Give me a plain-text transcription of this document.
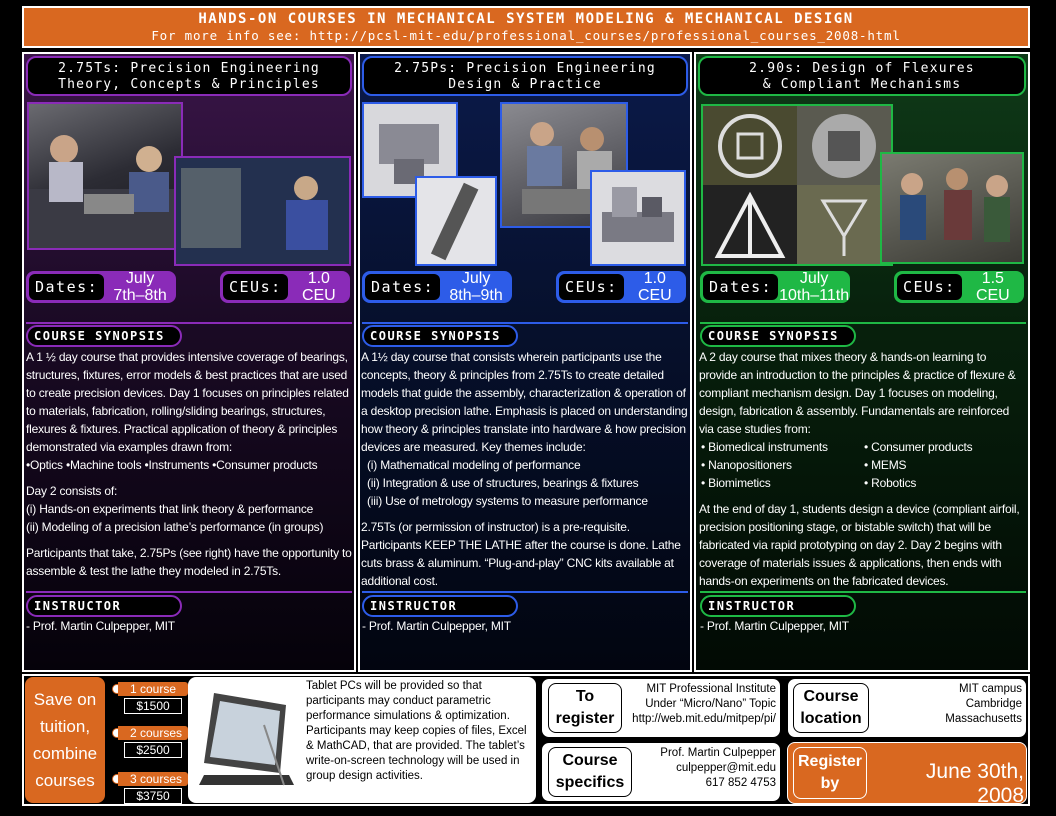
HANDS-ON COURSES IN MECHANICAL SYSTEM MODELING & MECHANICAL DESIGN
For more info see: http://pcsl-mit-edu/professional_courses/professional_courses_2008-html
2.75Ts: Precision Engineering
Theory, Concepts & Principles
Dates:	July
7th–8th	CEUs:	1.0
CEU
COURSE SYNOPSIS

A 1 ½ day course that provides intensive coverage of bearings, structures, fixtures, error models & best practices that are used to create precision devices. Day 1 focuses on principles related to materials, fabrication, rolling/sliding bearings, structures, flexures & fixtures. Practical application of theory & principles demonstrated via examples drawn from:

•Optics •Machine tools •Instruments •Consumer products

Day 2 consists of:
(i) Hands-on experiments that link theory & performance

(ii) Modeling of a precision lathe’s performance (in groups)

Participants that take, 2.75Ps (see right) have the opportunity to assemble & test the lathe they modeled in 2.75Ts.

INSTRUCTOR
- Prof. Martin Culpepper, MIT
2.75Ps: Precision Engineering
Design & Practice
Dates:	July
8th–9th	CEUs:	1.0
CEU
COURSE SYNOPSIS

A 1½ day course that consists wherein participants use the concepts, theory & principles from 2.75Ts to create detailed models that guide the assembly, characterization & operation of a desktop precision lathe. Emphasis is placed on understanding how theory & principles translate into hardware & how precision devices are measured. Key themes include:

(i) Mathematical modeling of performance
(ii) Integration & use of structures, bearings & fixtures

(iii) Use of metrology systems to measure performance

2.75Ts (or permission of instructor) is a pre-requisite. Participants KEEP THE LATHE after the course is done. Lathe cuts brass & aluminum. “Plug-and-play” CNC kits available at additional cost.

INSTRUCTOR
- Prof. Martin Culpepper, MIT
2.90s: Design of Flexures
& Compliant Mechanisms
Dates:	July
10th–11th	CEUs:	1.5
CEU
COURSE SYNOPSIS
A 2 day course that mixes theory & hands-on learning to provide an introduction to the principles & practice of flexure & compliant mechanism design. Day 1 focuses on modeling, design, fabrication & assembly. Fundamentals are reinforced via case studies from:
• Biomedical instruments	• Consumer products
• Nanopositioners	• MEMS
• Biomimetics	• Robotics
At the end of day 1, students design a device (compliant airfoil, precision positioning stage, or bistable switch) that will be fabricated via rapid prototyping on day 2. Day 2 begins with coverage of materials issues & applications, then ends with hands-on experiments on the fabricated devices.
INSTRUCTOR
- Prof. Martin Culpepper, MIT
Save on tuition, combine courses
1 course
$1500
2 courses
$2500
3 courses
$3750
Tablet PCs will be provided so that participants may conduct parametric performance simulations & optimization. Participants may keep copies of files, Excel & MathCAD, that are provided. The tablet’s write-on-screen technology will be used in group design activities.
To register
MIT Professional Institute
Under “Micro/Nano” Topic
http://web.mit.edu/mitpep/pi/
Course specifics
Prof. Martin Culpepper
culpepper@mit.edu
617 852 4753
Course location
MIT campus
Cambridge
Massachusetts
Register by
June 30th, 2008
